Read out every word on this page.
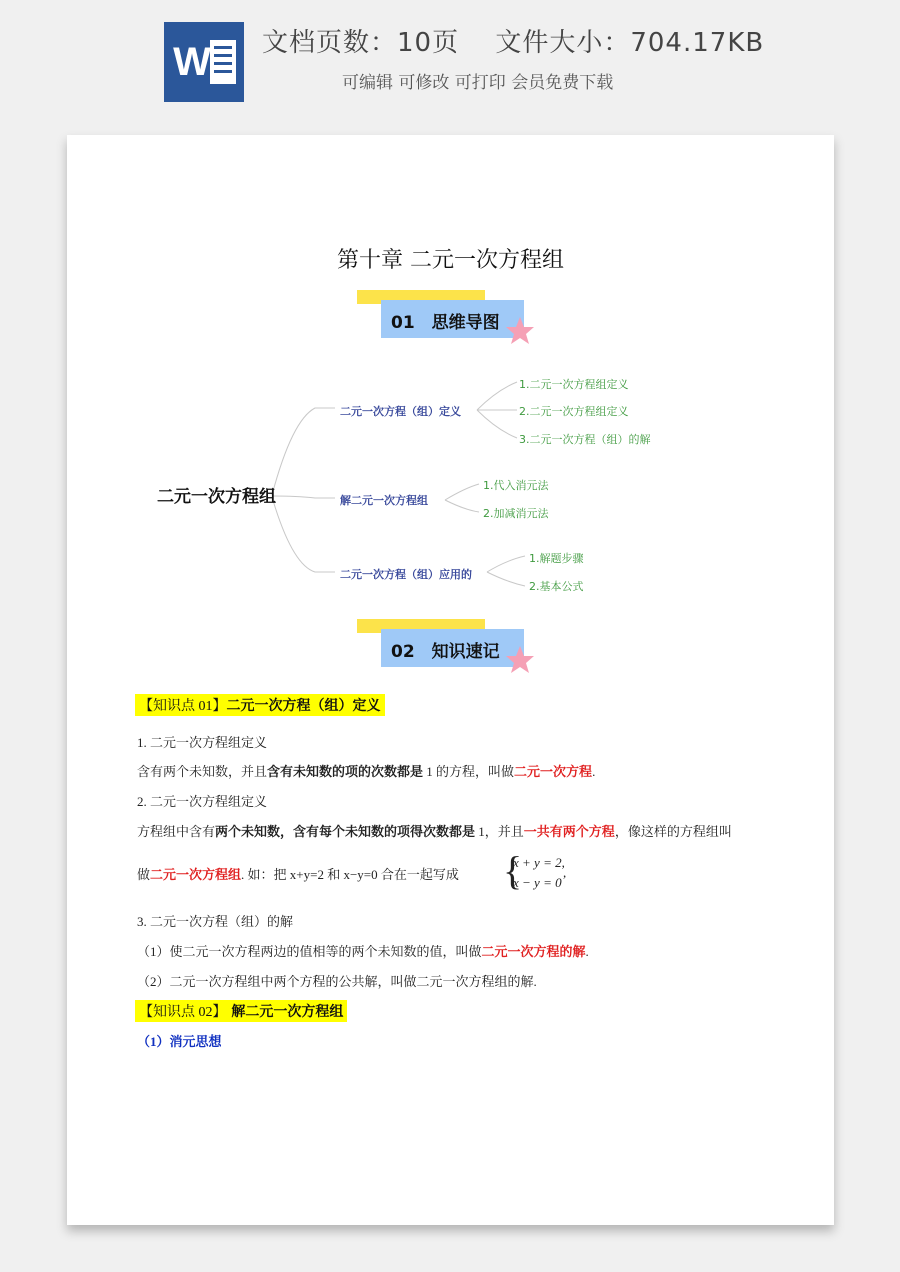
W 文档页数：10页　 文件大小：704.17KB
可编辑 可修改 可打印 会员免费下载
第十章 二元一次方程组
01　思维导图
二元一次方程组
二元一次方程（组）定义
解二元一次方程组
二元一次方程（组）应用的
1.二元一次方程组定义
2.二元一次方程组定义
3.二元一次方程（组）的解
1.代入消元法
2.加减消元法
1.解题步骤
2.基本公式
02　知识速记
【知识点 01】二元一次方程（组）定义
1. 二元一次方程组定义
含有两个未知数，并且含有未知数的项的次数都是 1 的方程，叫做二元一次方程.
2. 二元一次方程组定义
方程组中含有两个未知数，含有每个未知数的项得次数都是 1，并且一共有两个方程，像这样的方程组叫
做二元一次方程组. 如：把 x+y=2 和 x−y=0 合在一起写成 {
x + y = 2,
x − y = 0
,
3. 二元一次方程（组）的解
（1）使二元一次方程两边的值相等的两个未知数的值，叫做二元一次方程的解.
（2）二元一次方程组中两个方程的公共解，叫做二元一次方程组的解.
【知识点 02】 解二元一次方程组
（1）消元思想
